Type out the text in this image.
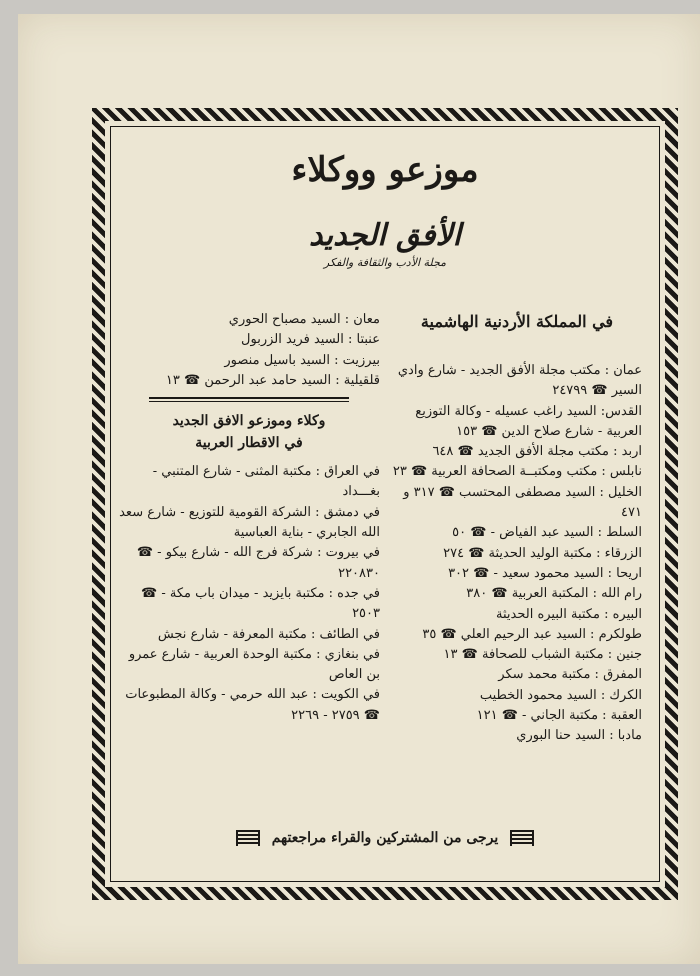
موزعو ووكلاء
الأفق الجديد
مجلة الأدب والثقافة والفكر
في المملكة الأردنية الهاشمية

عمان : مكتب مجلة الأفق الجديد - شارع وادي السير ☎ ٢٤٧٩٩

القدس: السيد راغب عسيله - وكالة التوزيع العربية - شارع صلاح الدين ☎ ١٥٣

اربد : مكتب مجلة الأفق الجديد ☎ ٦٤٨

نابلس : مكتب ومكتبــة الصحافة العربية ☎ ٢٣

الخليل : السيد مصطفى المحتسب ☎ ٣١٧ و ٤٧١

السلط : السيد عبد الفياض - ☎ ٥٠

الزرقاء : مكتبة الوليد الحديثة ☎ ٢٧٤

اريحا : السيد محمود سعيد - ☎ ٣٠٢

رام الله : المكتبة العربية ☎ ٣٨٠

البيره : مكتبة البيره الحديثة

طولكرم : السيد عبد الرحيم العلي ☎ ٣٥

جنين : مكتبة الشباب للصحافة ☎ ١٣

المفرق : مكتبة محمد سكر

الكرك : السيد محمود الخطيب

العقبة : مكتبة الجاني - ☎ ١٢١

مادبا : السيد حنا البوري

معان : السيد مصباح الحوري

عنبتا : السيد فريد الزربول

بيرزيت : السيد باسيل منصور

قلقيلية : السيد حامد عبد الرحمن ☎ ١٣

وكلاء وموزعو الافق الجديد
في الاقطار العربية

في العراق : مكتبة المثنى - شارع المتنبي - بغـــداد

في دمشق : الشركة القومية للتوزيع - شارع سعد الله الجابري - بناية العباسية

في بيروت : شركة فرج الله - شارع بيكو - ☎ ٢٢٠٨٣٠

في جده : مكتبة بايزيد - ميدان باب مكة - ☎ ٢٥٠٣

في الطائف : مكتبة المعرفة - شارع نجش

في بنغازي : مكتبة الوحدة العربية - شارع عمرو بن العاص

في الكويت : عبد الله حرمي - وكالة المطبوعات ☎ ٢٧٥٩ - ٢٢٦٩

يرجى من المشتركين والقراء مراجعتهم
